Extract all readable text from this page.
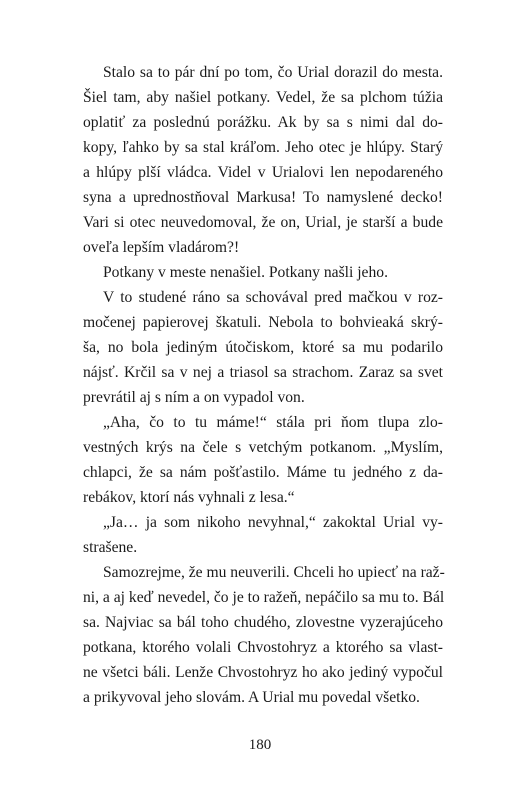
Stalo sa to pár dní po tom, čo Urial dorazil do mesta.
Šiel tam, aby našiel potkany. Vedel, že sa plchom túžia
oplatiť za poslednú porážku. Ak by sa s nimi dal do-
kopy, ľahko by sa stal kráľom. Jeho otec je hlúpy. Starý
a hlúpy plší vládca. Videl v Urialovi len nepodareného
syna a uprednostňoval Markusa! To namyslené decko!
Vari si otec neuvedomoval, že on, Urial, je starší a bude
oveľa lepším vladárom?!
Potkany v meste nenašiel. Potkany našli jeho.
V to studené ráno sa schovával pred mačkou v roz-
močenej papierovej škatuli. Nebola to bohvieaká skrý-
ša, no bola jediným útočiskom, ktoré sa mu podarilo
nájsť. Krčil sa v nej a triasol sa strachom. Zaraz sa svet
prevrátil aj s ním a on vypadol von.
„Aha, čo to tu máme!“ stála pri ňom tlupa zlo-
vestných krýs na čele s vetchým potkanom. „Myslím,
chlapci, že sa nám pošťastilo. Máme tu jedného z da-
rebákov, ktorí nás vyhnali z lesa.“
„Ja… ja som nikoho nevyhnal,“ zakoktal Urial vy-
strašene.
Samozrejme, že mu neuverili. Chceli ho upiecť na raž-
ni, a aj keď nevedel, čo je to ražeň, nepáčilo sa mu to. Bál
sa. Najviac sa bál toho chudého, zlovestne vyzerajúceho
potkana, ktorého volali Chvostohryz a ktorého sa vlast-
ne všetci báli. Lenže Chvostohryz ho ako jediný vypočul
a prikyvoval jeho slovám. A Urial mu povedal všetko.
180
